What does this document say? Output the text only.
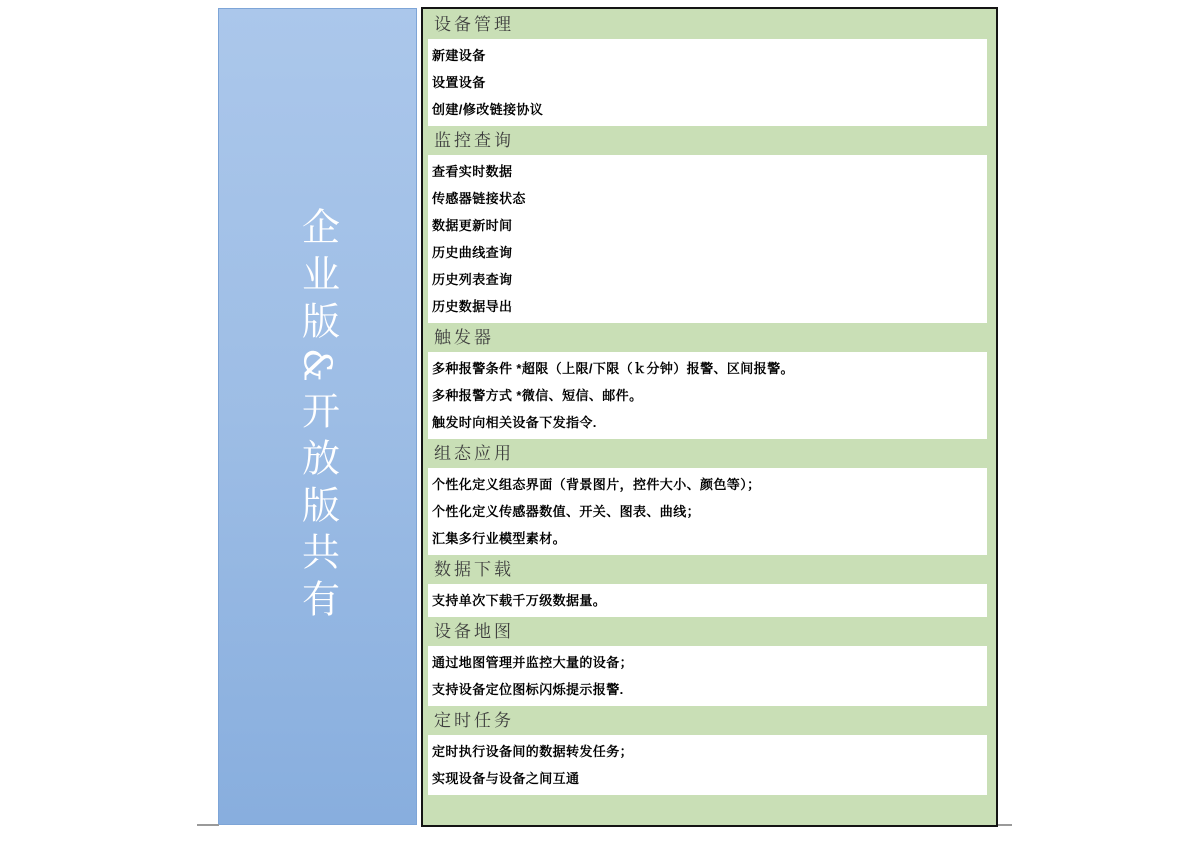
企业版&开放版共有
设备管理
新建设备
设置设备
创建/修改链接协议
监控查询
查看实时数据
传感器链接状态
数据更新时间
历史曲线查询
历史列表查询
历史数据导出
触发器
多种报警条件 *超限（上限/下限（ｋ分钟）报警、区间报警。
多种报警方式 *微信、短信、邮件。
触发时向相关设备下发指令.
组态应用
个性化定义组态界面（背景图片，控件大小、颜色等）；
个性化定义传感器数值、开关、图表、曲线；
汇集多行业模型素材。
数据下载
支持单次下载千万级数据量。
设备地图
通过地图管理并监控大量的设备；
支持设备定位图标闪烁提示报警.
定时任务
定时执行设备间的数据转发任务；
实现设备与设备之间互通
